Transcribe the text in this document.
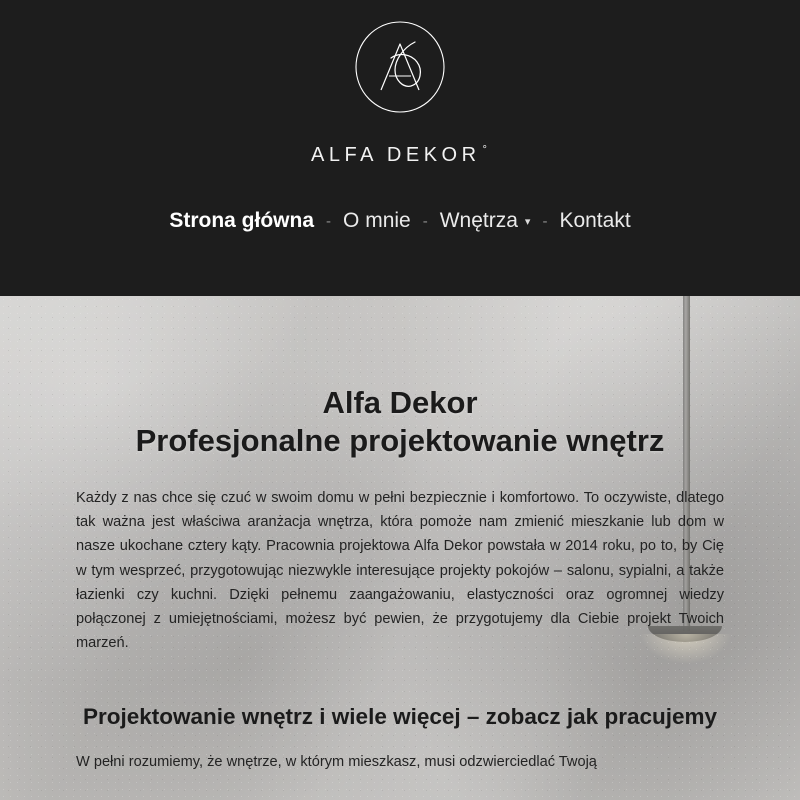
ALFA DEKOR °
Strona główna - O mnie - Wnętrza ▾ - Kontakt
Alfa Dekor
Profesjonalne projektowanie wnętrz

Każdy z nas chce się czuć w swoim domu w pełni bezpiecznie i komfortowo. To oczywiste, dlatego tak ważna jest właściwa aranżacja wnętrza, która pomoże nam zmienić mieszkanie lub dom w nasze ukochane cztery kąty. Pracownia projektowa Alfa Dekor powstała w 2014 roku, po to, by Cię w tym wesprzeć, przygotowując niezwykle interesujące projekty pokojów – salonu, sypialni, a także łazienki czy kuchni. Dzięki pełnemu zaangażowaniu, elastyczności oraz ogromnej wiedzy połączonej z umiejętnościami, możesz być pewien, że przygotujemy dla Ciebie projekt Twoich marzeń.

Projektowanie wnętrz i wiele więcej – zobacz jak pracujemy

W pełni rozumiemy, że wnętrze, w którym mieszkasz, musi odzwierciedlać Twoją
